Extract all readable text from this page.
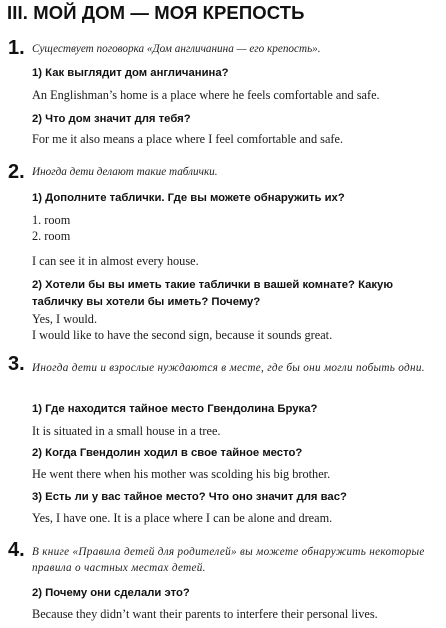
III. МОЙ ДОМ — МОЯ КРЕПОСТЬ
1. Существует поговорка «Дом англичанина — его крепость».
1) Как выглядит дом англичанина?
An Englishman’s home is a place where he feels comfortable and safe.
2) Что дом значит для тебя?
For me it also means a place where I feel comfortable and safe.
2. Иногда дети делают такие таблички.
1) Дополните таблички. Где вы можете обнаружить их?
1. room
2. room
I can see it in almost every house.
2) Хотели бы вы иметь такие таблички в вашей комнате? Какую табличку вы хотели бы иметь? Почему?
Yes, I would.
I would like to have the second sign, because it sounds great.
3. Иногда дети и взрослые нуждаются в месте, где бы они могли побыть одни.
1) Где находится тайное место Гвендолина Брука?
It is situated in a small house in a tree.
2) Когда Гвендолин ходил в свое тайное место?
He went there when his mother was scolding his big brother.
3) Есть ли у вас тайное место? Что оно значит для вас?
Yes, I have one. It is a place where I can be alone and dream.
4. В книге «Правила детей для родителей» вы можете обнаружить некоторые правила о частных местах детей.
2) Почему они сделали это?
Because they didn’t want their parents to interfere their personal lives.
